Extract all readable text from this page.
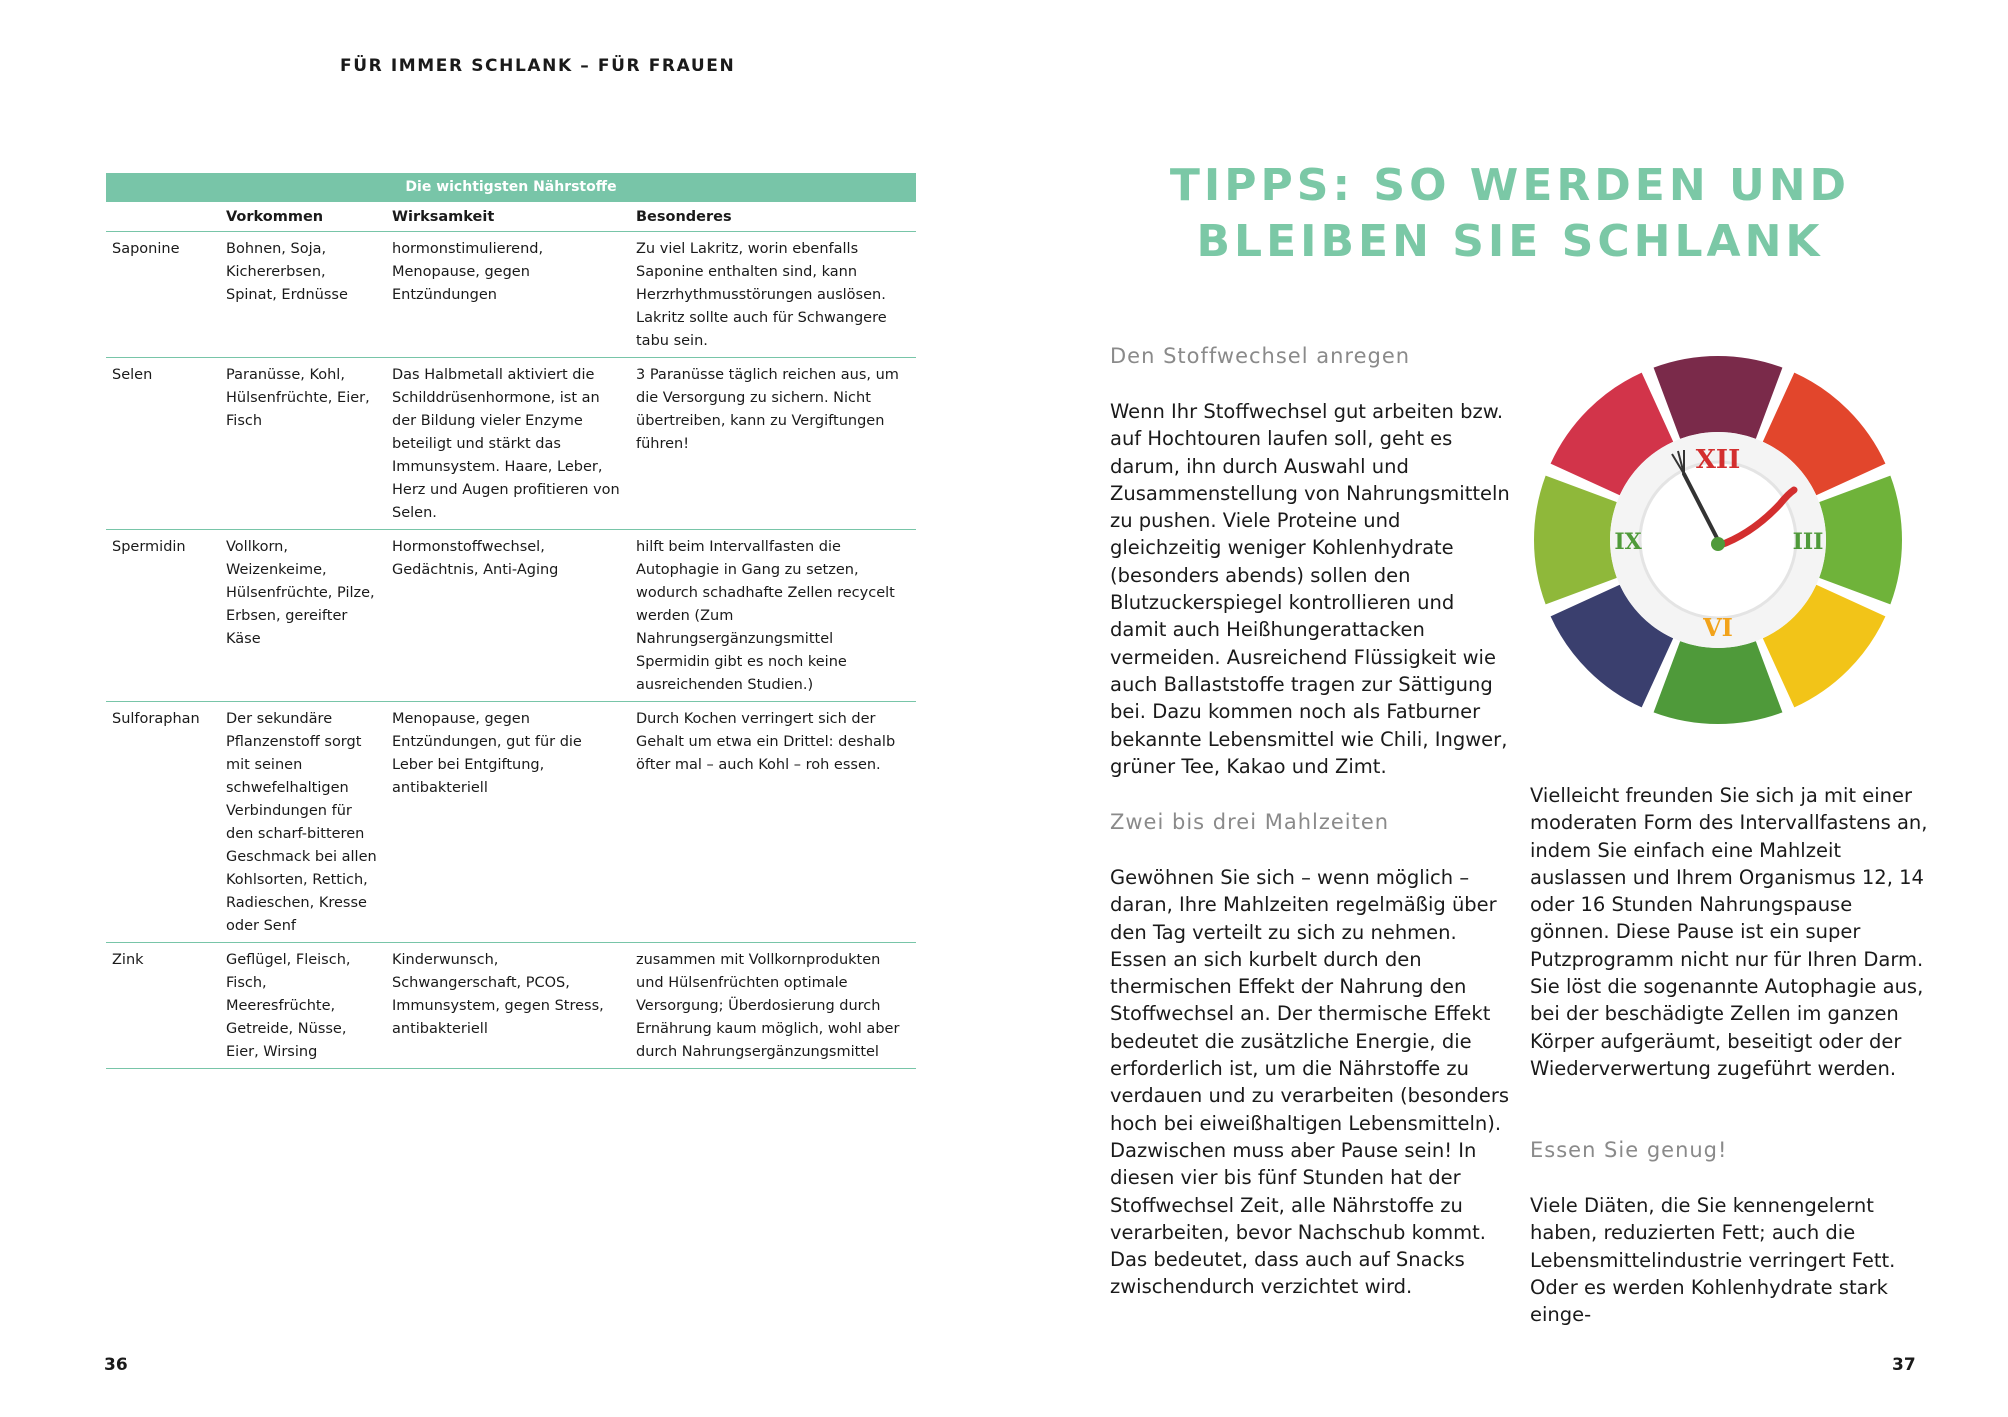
FÜR IMMER SCHLANK – FÜR FRAUEN
Die wichtigsten Nährstoffe
	Vorkommen	Wirksamkeit	Besonderes
Saponine	Bohnen, Soja, Kichererbsen, Spinat, Erdnüsse	hormonstimulierend, Menopause, gegen Entzündungen	Zu viel Lakritz, worin ebenfalls Saponine enthalten sind, kann Herzrhythmusstörungen auslösen. Lakritz sollte auch für Schwangere tabu sein.
Selen	Paranüsse, Kohl, Hülsenfrüchte, Eier, Fisch	Das Halbmetall aktiviert die Schilddrüsenhormone, ist an der Bildung vieler Enzyme beteiligt und stärkt das Immunsystem. Haare, Leber, Herz und Augen profitieren von Selen.	3 Paranüsse täglich reichen aus, um die Versorgung zu sichern. Nicht übertreiben, kann zu Vergiftungen führen!
Spermidin	Vollkorn, Weizenkeime, Hülsenfrüchte, Pilze, Erbsen, gereifter Käse	Hormonstoffwechsel, Gedächtnis, Anti-Aging	hilft beim Intervallfasten die Autophagie in Gang zu setzen, wodurch schadhafte Zellen recycelt werden (Zum Nahrungsergänzungsmittel Spermidin gibt es noch keine ausreichenden Studien.)
Sulforaphan	Der sekundäre Pflanzenstoff sorgt mit seinen schwefelhaltigen Verbindungen für den scharf-bitteren Geschmack bei allen Kohlsorten, Rettich, Radieschen, Kresse oder Senf	Menopause, gegen Entzündungen, gut für die Leber bei Entgiftung, antibakteriell	Durch Kochen verringert sich der Gehalt um etwa ein Drittel: deshalb öfter mal – auch Kohl – roh essen.
Zink	Geflügel, Fleisch, Fisch, Meeresfrüchte, Getreide, Nüsse, Eier, Wirsing	Kinderwunsch, Schwangerschaft, PCOS, Immunsystem, gegen Stress, antibakteriell	zusammen mit Vollkornprodukten und Hülsenfrüchten optimale Versorgung; Überdosierung durch Ernährung kaum möglich, wohl aber durch Nahrungsergänzungsmittel
TIPPS: SO WERDEN UND
BLEIBEN SIE SCHLANK
Den Stoffwechsel anregen

Wenn Ihr Stoffwechsel gut arbeiten bzw. auf Hochtouren laufen soll, geht es darum, ihn durch Auswahl und Zusammenstellung von Nahrungsmitteln zu pushen. Viele Proteine und gleichzeitig weniger Kohlenhydrate (besonders abends) sollen den Blutzuckerspiegel kontrollieren und damit auch Heißhungerattacken vermeiden. Ausreichend Flüssigkeit wie auch Ballaststoffe tragen zur Sättigung bei. Dazu kommen noch als Fatburner bekannte Lebensmittel wie Chili, Ingwer, grüner Tee, Kakao und Zimt.

Zwei bis drei Mahlzeiten

Gewöhnen Sie sich – wenn möglich – daran, Ihre Mahlzeiten regelmäßig über den Tag verteilt zu sich zu nehmen. Essen an sich kurbelt durch den thermischen Effekt der Nahrung den Stoffwechsel an. Der thermische Effekt bedeutet die zusätzliche Energie, die erforderlich ist, um die Nährstoffe zu verdauen und zu verarbeiten (besonders hoch bei eiweißhaltigen Lebensmitteln). Dazwischen muss aber Pause sein! In diesen vier bis fünf Stunden hat der Stoffwechsel Zeit, alle Nährstoffe zu verarbeiten, bevor Nachschub kommt. Das bedeutet, dass auch auf Snacks zwischendurch verzichtet wird.

Vielleicht freunden Sie sich ja mit einer moderaten Form des Intervallfastens an, indem Sie einfach eine Mahlzeit auslassen und Ihrem Organismus 12, 14 oder 16 Stunden Nahrungspause gönnen. Diese Pause ist ein super Putzprogramm nicht nur für Ihren Darm. Sie löst die sogenannte Autophagie aus, bei der beschädigte Zellen im ganzen Körper aufgeräumt, beseitigt oder der Wiederverwertung zugeführt werden.

Essen Sie genug!

Viele Diäten, die Sie kennengelernt haben, reduzierten Fett; auch die Lebensmittelindustrie verringert Fett. Oder es werden Kohlenhydrate stark einge-

XII
III
VI
IX
36	37
